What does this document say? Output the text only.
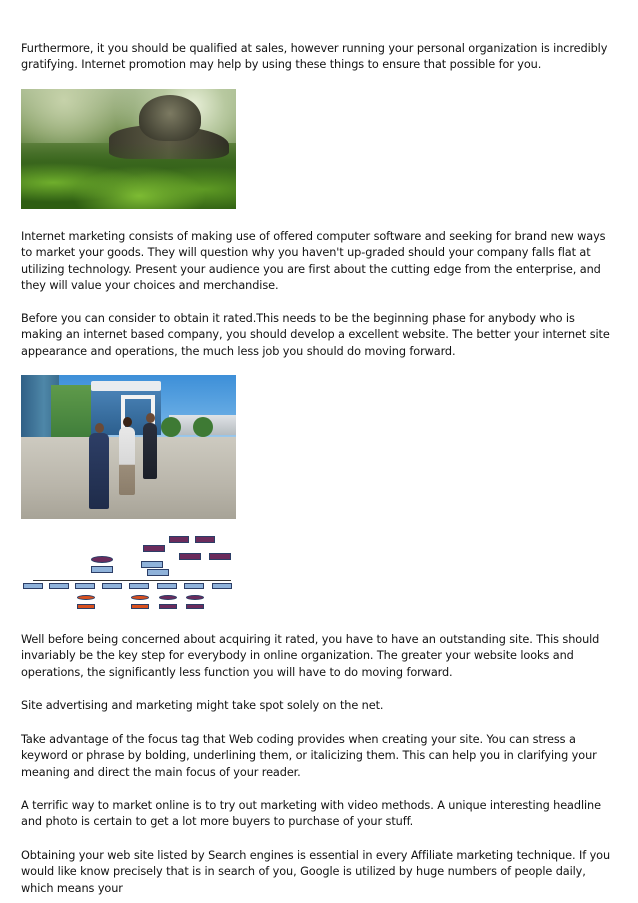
Furthermore, it you should be qualified at sales, however running your personal organization is incredibly gratifying. Internet promotion may help by using these things to ensure that possible for you.

Internet marketing consists of making use of offered computer software and seeking for brand new ways to market your goods. They will question why you haven't up-graded should your company falls flat at utilizing technology. Present your audience you are first about the cutting edge from the enterprise, and they will value your choices and merchandise.

Before you can consider to obtain it rated.This needs to be the beginning phase for anybody who is making an internet based company, you should develop a excellent website. The better your internet site appearance and operations, the much less job you should do moving forward.

Well before being concerned about acquiring it rated, you have to have an outstanding site. This should invariably be the key step for everybody in online organization. The greater your website looks and operations, the significantly less function you will have to do moving forward.

Site advertising and marketing might take spot solely on the net.

Take advantage of the focus tag that Web coding provides when creating your site. You can stress a keyword or phrase by bolding, underlining them, or italicizing them. This can help you in clarifying your meaning and direct the main focus of your reader.

A terrific way to market online is to try out marketing with video methods. A unique interesting headline and photo is certain to get a lot more buyers to purchase of your stuff.

Obtaining your web site listed by Search engines is essential in every Affiliate marketing technique. If you would like know precisely that is in search of you, Google is utilized by huge numbers of people daily, which means your
